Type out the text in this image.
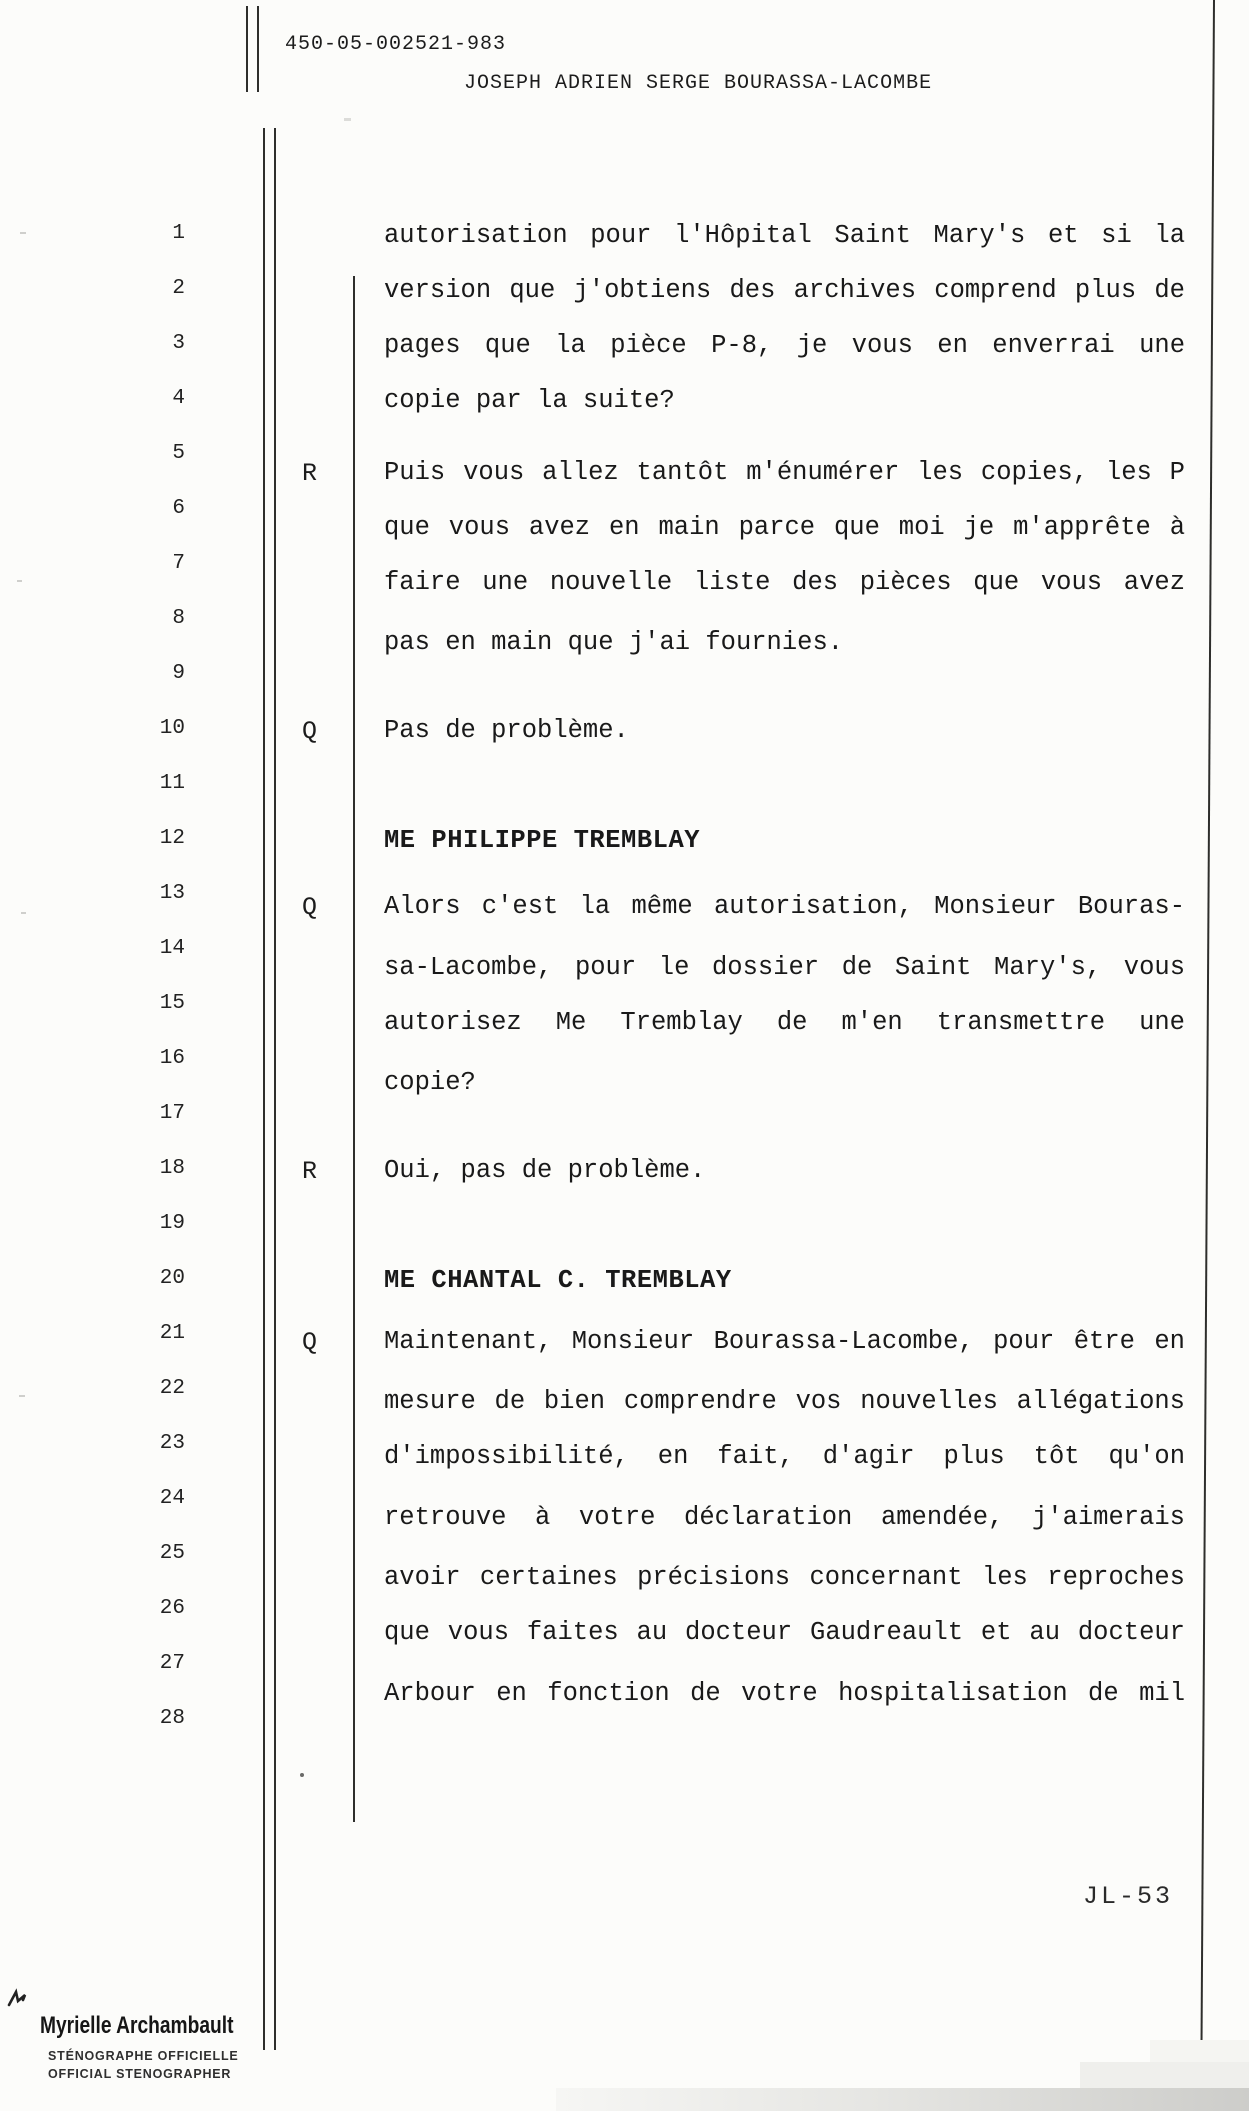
450-05-002521-983
JOSEPH ADRIEN SERGE BOURASSA-LACOMBE
1
2
3
4
5
6
7
8
9
10
11
12
13
14
15
16
17
18
19
20
21
22
23
24
25
26
27
28
autorisation pour l'Hôpital Saint Mary's et si la
version que j'obtiens des archives comprend plus de
pages que la pièce P-8, je vous en enverrai une
copie par la suite?
R	Puis vous allez tantôt m'énumérer les copies, les P
que vous avez en main parce que moi je m'apprête à
faire une nouvelle liste des pièces que vous avez
pas en main que j'ai fournies.
Q	Pas de problème.
ME PHILIPPE TREMBLAY
Q	Alors c'est la même autorisation, Monsieur Bouras-
sa-Lacombe, pour le dossier de Saint Mary's, vous
autorisez Me Tremblay de m'en transmettre une
copie?
R	Oui, pas de problème.
ME CHANTAL C. TREMBLAY
Q	Maintenant, Monsieur Bourassa-Lacombe, pour être en
mesure de bien comprendre vos nouvelles allégations
d'impossibilité, en fait, d'agir plus tôt qu'on
retrouve à votre déclaration amendée, j'aimerais
avoir certaines précisions concernant les reproches
que vous faites au docteur Gaudreault et au docteur
Arbour en fonction de votre hospitalisation de mil
JL-53
Myrielle Archambault
STÉNOGRAPHE OFFICIELLE
OFFICIAL STENOGRAPHER
